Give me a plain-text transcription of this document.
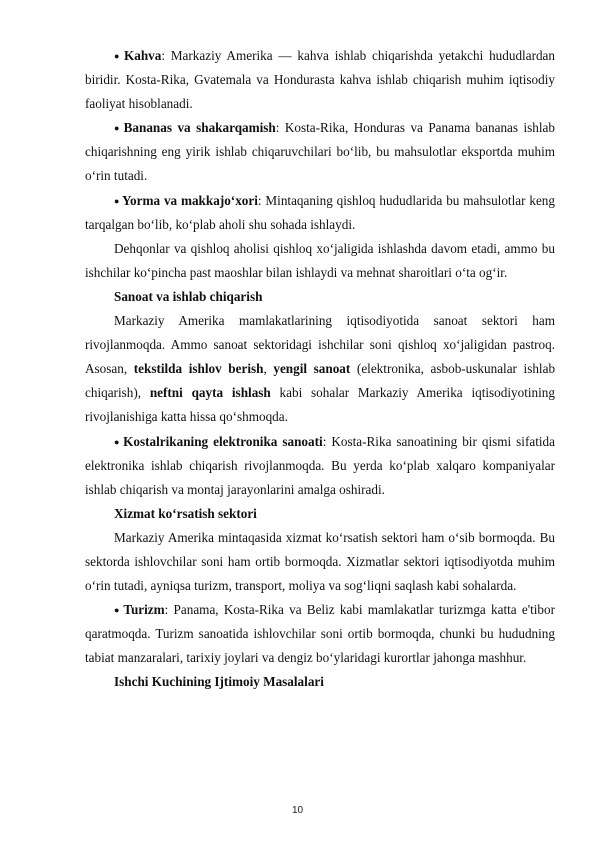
● Kahva: Markaziy Amerika — kahva ishlab chiqarishda yetakchi hududlardan biridir. Kosta-Rika, Gvatemala va Hondurasta kahva ishlab chiqarish muhim iqtisodiy faoliyat hisoblanadi.

● Bananas va shakarqamish: Kosta-Rika, Honduras va Panama bananas ishlab chiqarishning eng yirik ishlab chiqaruvchilari bo‘lib, bu mahsulotlar eksportda muhim o‘rin tutadi.

● Yorma va makkajo‘xori: Mintaqaning qishloq hududlarida bu mahsulotlar keng tarqalgan bo‘lib, ko‘plab aholi shu sohada ishlaydi.

Dehqonlar va qishloq aholisi qishloq xo‘jaligida ishlashda davom etadi, ammo bu ishchilar ko‘pincha past maoshlar bilan ishlaydi va mehnat sharoitlari o‘ta og‘ir.

Sanoat va ishlab chiqarish

Markaziy Amerika mamlakatlarining iqtisodiyotida sanoat sektori ham rivojlanmoqda. Ammo sanoat sektoridagi ishchilar soni qishloq xo‘jaligidan pastroq. Asosan, tekstilda ishlov berish, yengil sanoat (elektronika, asbob-uskunalar ishlab chiqarish), neftni qayta ishlash kabi sohalar Markaziy Amerika iqtisodiyotining rivojlanishiga katta hissa qo‘shmoqda.

● Kostalrikaning elektronika sanoati: Kosta-Rika sanoatining bir qismi sifatida elektronika ishlab chiqarish rivojlanmoqda. Bu yerda ko‘plab xalqaro kompaniyalar ishlab chiqarish va montaj jarayonlarini amalga oshiradi.

Xizmat ko‘rsatish sektori

Markaziy Amerika mintaqasida xizmat ko‘rsatish sektori ham o‘sib bormoqda. Bu sektorda ishlovchilar soni ham ortib bormoqda. Xizmatlar sektori iqtisodiyotda muhim o‘rin tutadi, ayniqsa turizm, transport, moliya va sog‘liqni saqlash kabi sohalarda.

● Turizm: Panama, Kosta-Rika va Beliz kabi mamlakatlar turizmga katta e'tibor qaratmoqda. Turizm sanoatida ishlovchilar soni ortib bormoqda, chunki bu hududning tabiat manzaralari, tarixiy joylari va dengiz bo‘ylaridagi kurortlar jahonga mashhur.

Ishchi Kuchining Ijtimoiy Masalalari

10
